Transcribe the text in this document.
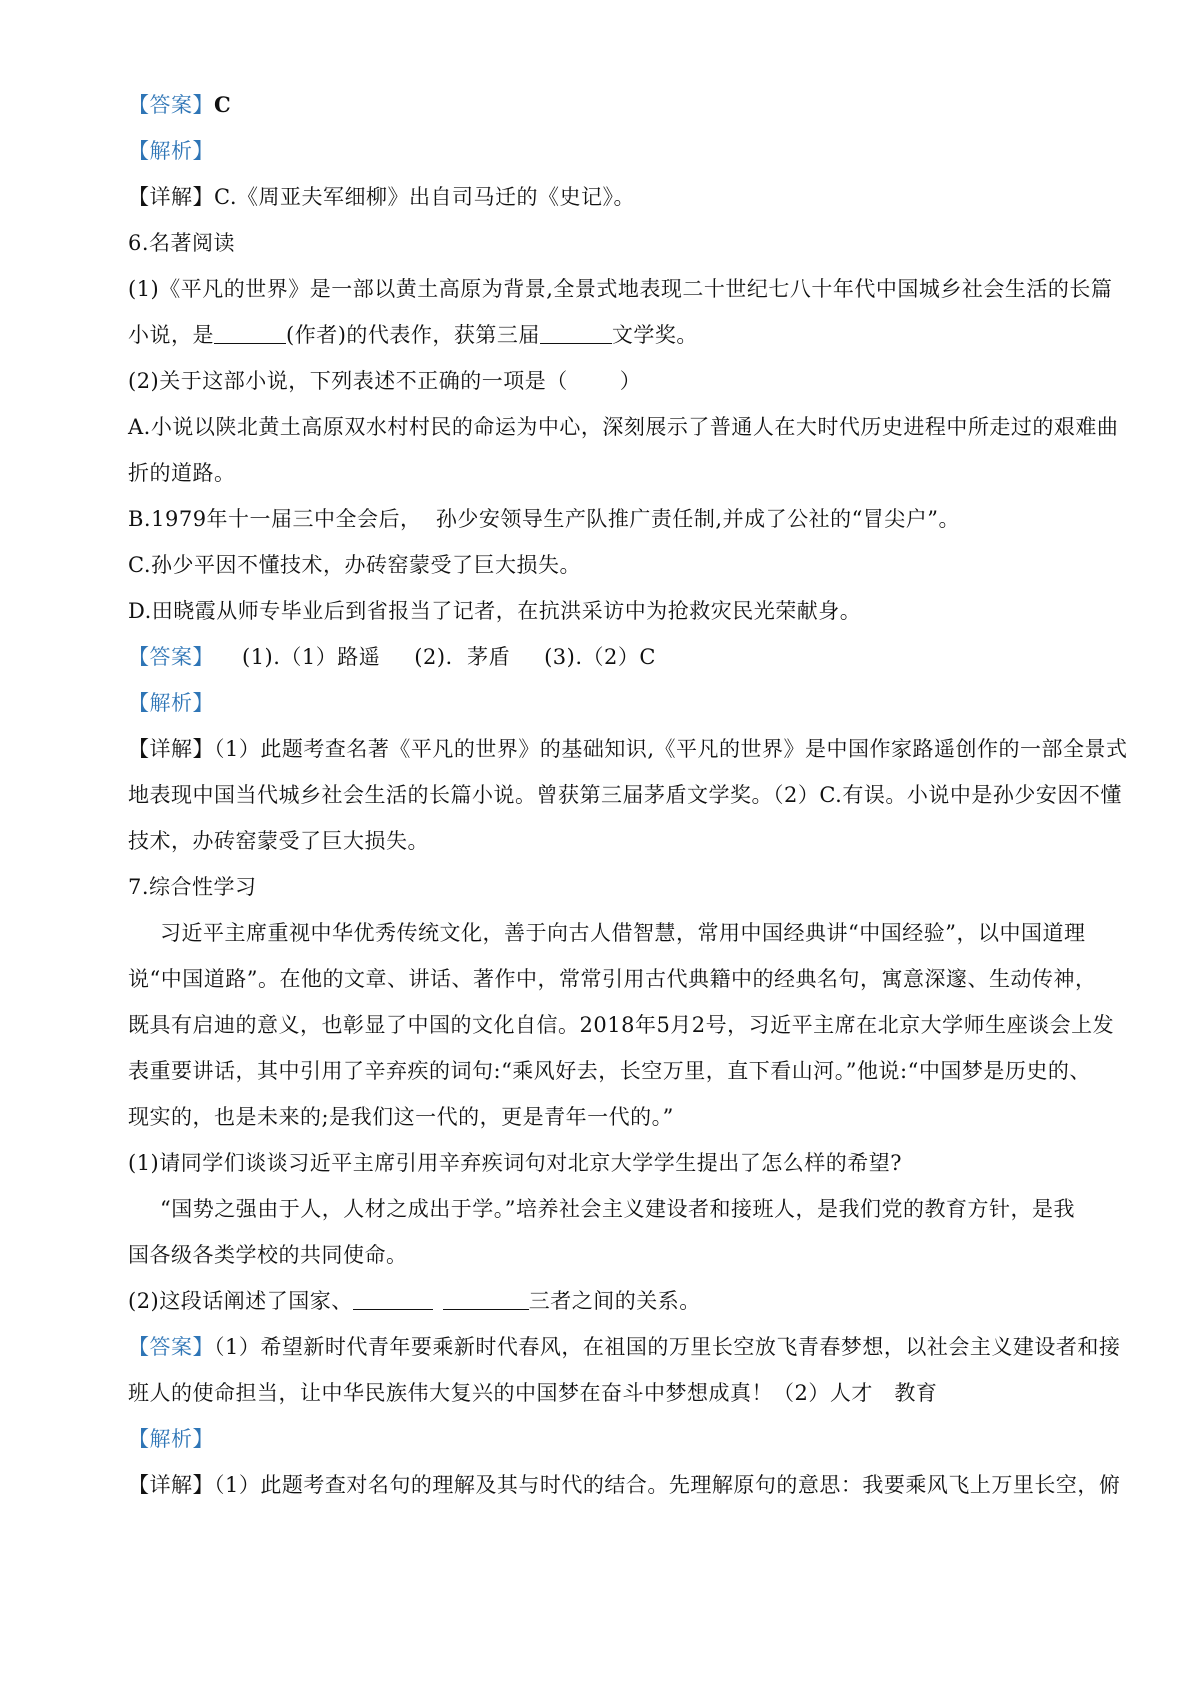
【答案】C
【解析】
【详解】C.《周亚夫军细柳》出自司马迁的《史记》。
6.名著阅读
(1)《平凡的世界》是一部以黄土高原为背景,全景式地表现二十世纪七八十年代中国城乡社会生活的长篇
小说，是	(作者)的代表作，获第三届	文学奖。
(2)关于这部小说，下列表述不正确的一项是（ ）
A.小说以陕北黄土高原双水村村民的命运为中心，深刻展示了普通人在大时代历史进程中所走过的艰难曲
折的道路。
B.1979年十一届三中全会后，  孙少安领导生产队推广责任制,并成了公社的“冒尖户”。
C.孙少平因不懂技术，办砖窑蒙受了巨大损失。
D.田晓霞从师专毕业后到省报当了记者，在抗洪采访中为抢救灾民光荣献身。
【答案】 (1).（1）路遥 (2).  茅盾 (3).（2）C
【解析】
【详解】（1）此题考查名著《平凡的世界》的基础知识,《平凡的世界》是中国作家路遥创作的一部全景式
地表现中国当代城乡社会生活的长篇小说。曾获第三届茅盾文学奖。（2）C.有误。小说中是孙少安因不懂
技术，办砖窑蒙受了巨大损失。
7.综合性学习
习近平主席重视中华优秀传统文化，善于向古人借智慧，常用中国经典讲“中国经验”，以中国道理
说“中国道路”。在他的文章、讲话、著作中，常常引用古代典籍中的经典名句，寓意深邃、生动传神，
既具有启迪的意义，也彰显了中国的文化自信。2018年5月2号，习近平主席在北京大学师生座谈会上发
表重要讲话，其中引用了辛弃疾的词句:“乘风好去，长空万里，直下看山河。”他说:“中国梦是历史的、
现实的，也是未来的;是我们这一代的，更是青年一代的。”
(1)请同学们谈谈习近平主席引用辛弃疾词句对北京大学学生提出了怎么样的希望?
“国势之强由于人，人材之成出于学。”培养社会主义建设者和接班人，是我们党的教育方针，是我
国各级各类学校的共同使命。
(2)这段话阐述了国家、	三者之间的关系。
【答案】（1）希望新时代青年要乘新时代春风，在祖国的万里长空放飞青春梦想，以社会主义建设者和接
班人的使命担当，让中华民族伟大复兴的中国梦在奋斗中梦想成真！（2）人才   教育
【解析】
【详解】（1）此题考查对名句的理解及其与时代的结合。先理解原句的意思：我要乘风飞上万里长空，俯
